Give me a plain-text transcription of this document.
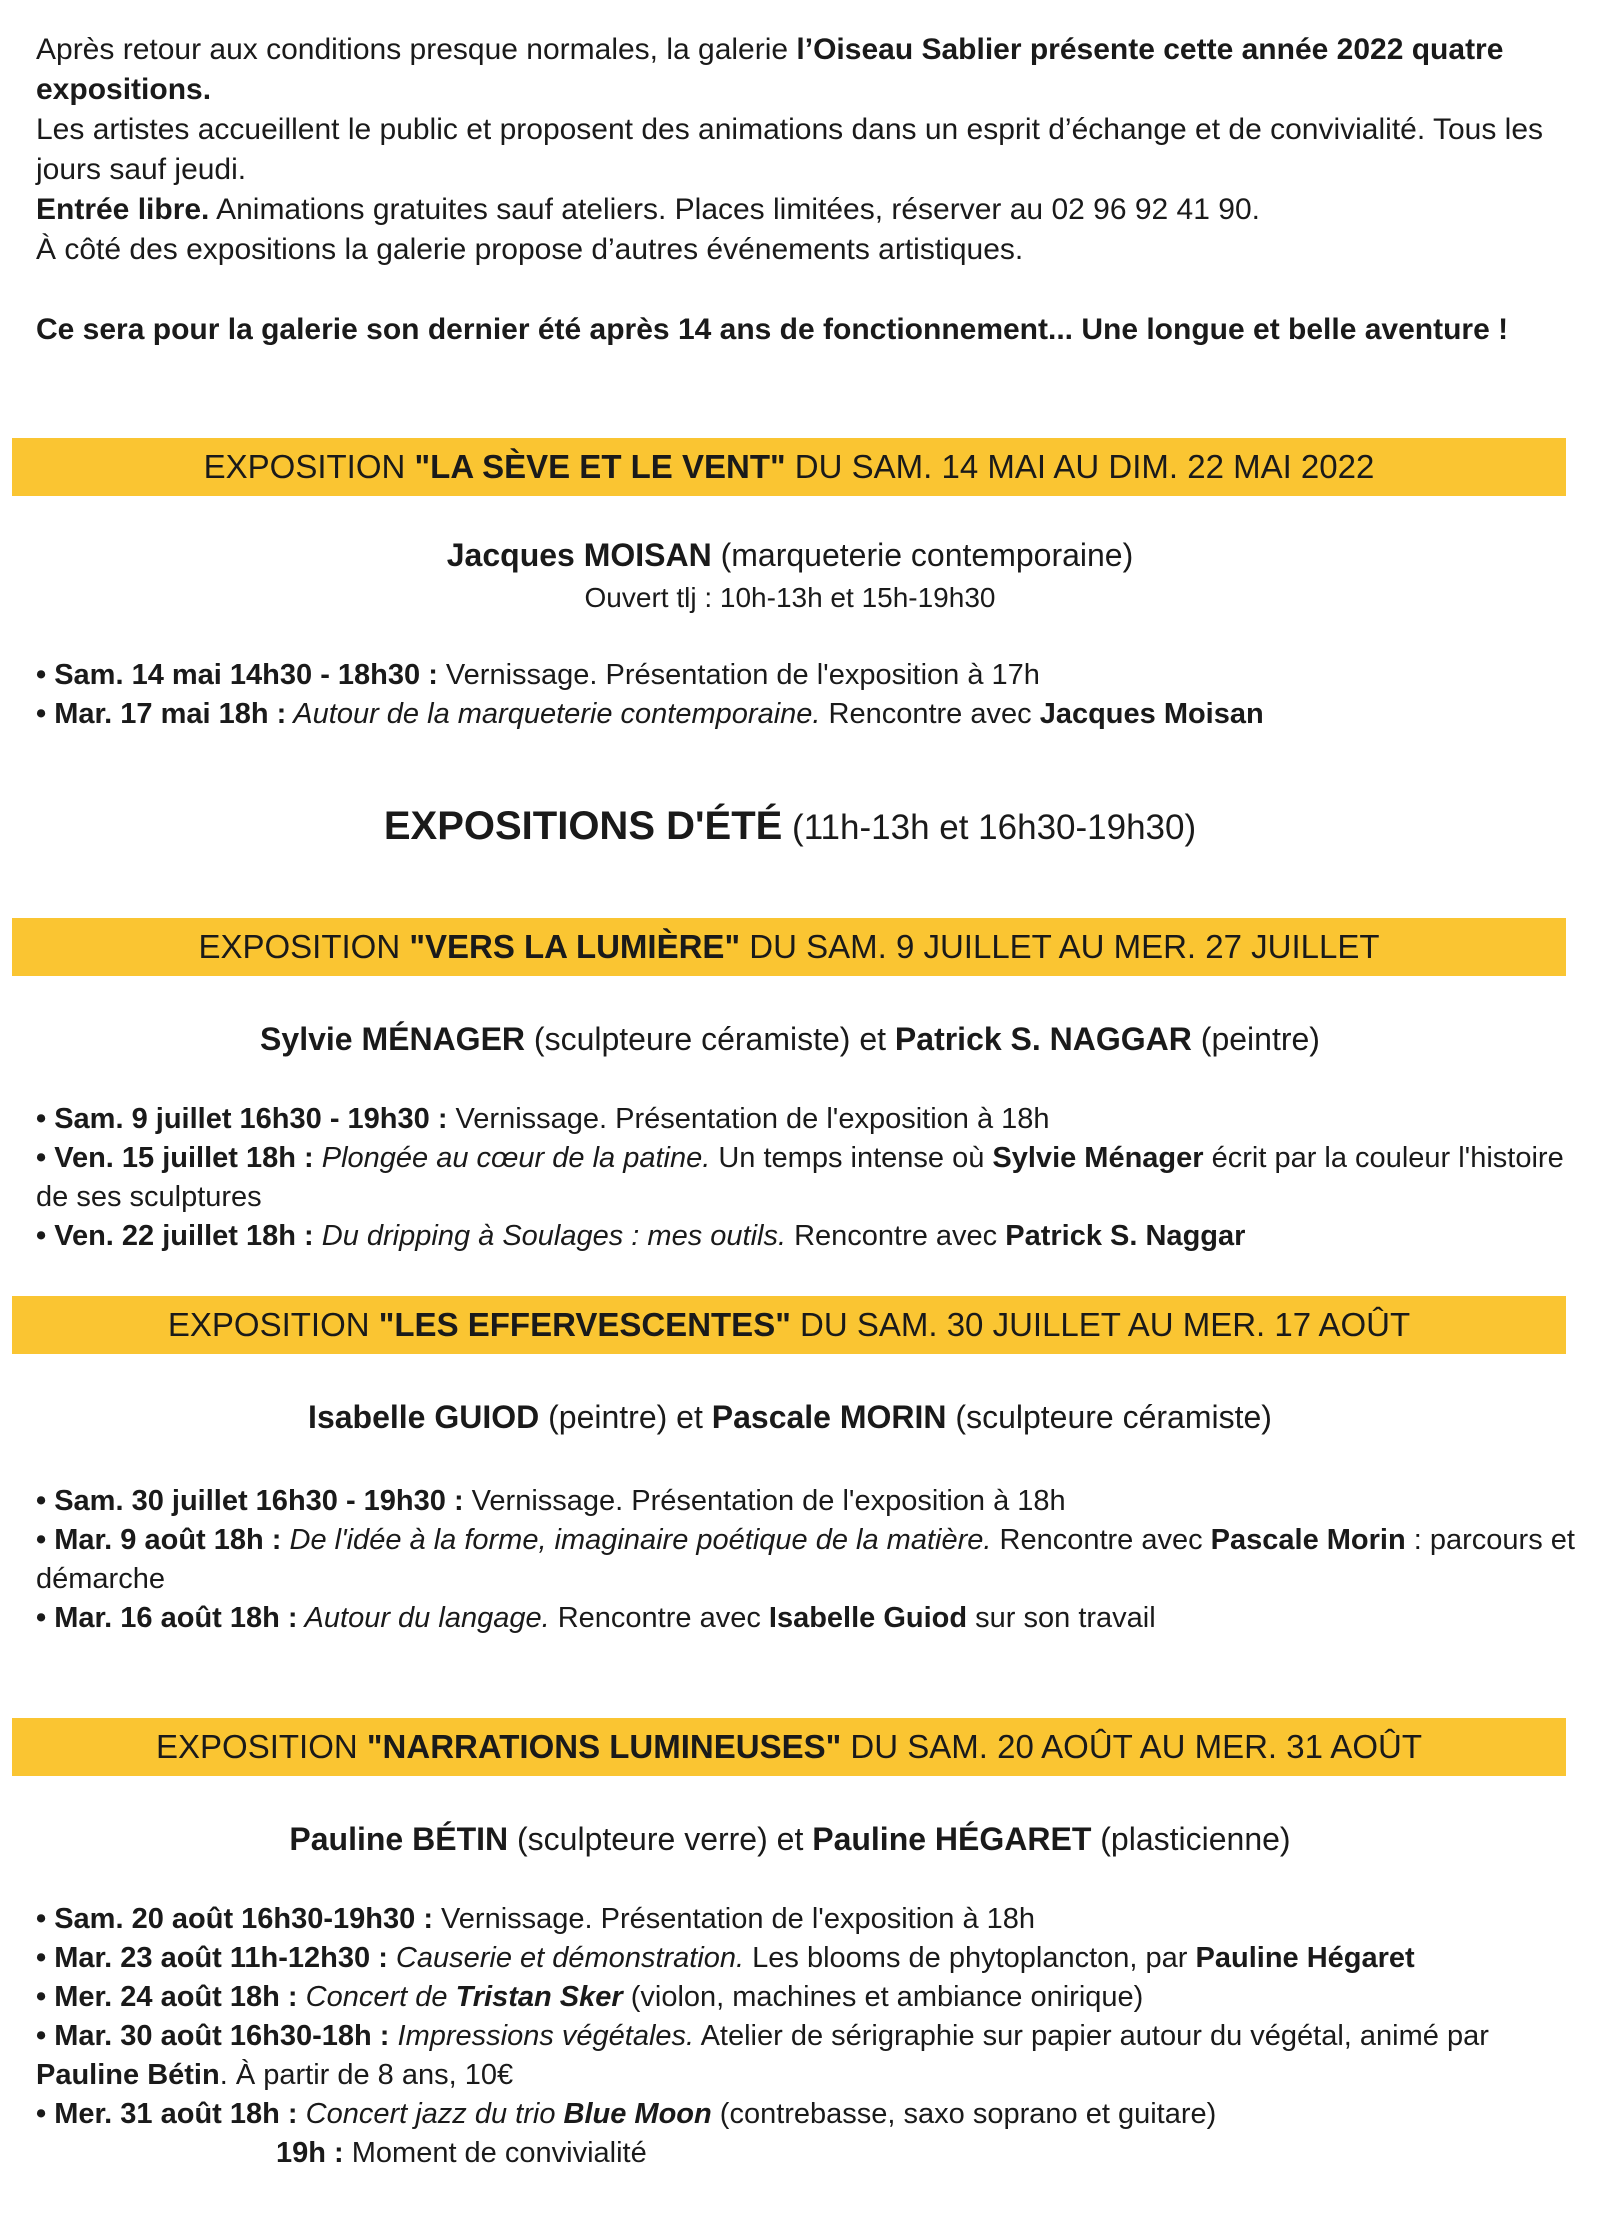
Après retour aux conditions presque normales, la galerie l’Oiseau Sablier présente cette année 2022 quatre expositions.

Les artistes accueillent le public et proposent des animations dans un esprit d’échange et de convivialité. Tous les jours sauf jeudi.

Entrée libre. Animations gratuites sauf ateliers. Places limitées, réserver au 02 96 92 41 90.

À côté des expositions la galerie propose d’autres événements artistiques.

Ce sera pour la galerie son dernier été après 14 ans de fonctionnement... Une longue et belle aventure !

EXPOSITION "LA SÈVE ET LE VENT" DU SAM. 14 MAI AU DIM. 22 MAI 2022
Jacques MOISAN (marqueterie contemporaine)
Ouvert tlj : 10h-13h et 15h-19h30

• Sam. 14 mai 14h30 - 18h30 : Vernissage. Présentation de l'exposition à 17h

• Mar. 17 mai 18h : Autour de la marqueterie contemporaine. Rencontre avec Jacques Moisan

EXPOSITIONS D'ÉTÉ (11h-13h et 16h30-19h30)
EXPOSITION "VERS LA LUMIÈRE" DU SAM. 9 JUILLET AU MER. 27 JUILLET
Sylvie MÉNAGER (sculpteure céramiste) et Patrick S. NAGGAR (peintre)

• Sam. 9 juillet 16h30 - 19h30 : Vernissage. Présentation de l'exposition à 18h

• Ven. 15 juillet 18h : Plongée au cœur de la patine. Un temps intense où Sylvie Ménager écrit par la couleur l'histoire de ses sculptures

• Ven. 22 juillet 18h : Du dripping à Soulages : mes outils. Rencontre avec Patrick S. Naggar

EXPOSITION "LES EFFERVESCENTES" DU SAM. 30 JUILLET AU MER. 17 AOÛT
Isabelle GUIOD (peintre) et Pascale MORIN (sculpteure céramiste)

• Sam. 30 juillet 16h30 - 19h30 : Vernissage. Présentation de l'exposition à 18h

• Mar. 9 août 18h : De l'idée à la forme, imaginaire poétique de la matière. Rencontre avec Pascale Morin : parcours et démarche

• Mar. 16 août 18h : Autour du langage. Rencontre avec Isabelle Guiod sur son travail

EXPOSITION "NARRATIONS LUMINEUSES" DU SAM. 20 AOÛT AU MER. 31 AOÛT
Pauline BÉTIN (sculpteure verre) et Pauline HÉGARET (plasticienne)

• Sam. 20 août 16h30-19h30 : Vernissage. Présentation de l'exposition à 18h

• Mar. 23 août 11h-12h30 : Causerie et démonstration. Les blooms de phytoplancton, par Pauline Hégaret

• Mer. 24 août 18h : Concert de Tristan Sker (violon, machines et ambiance onirique)

• Mar. 30 août 16h30-18h : Impressions végétales. Atelier de sérigraphie sur papier autour du végétal, animé par Pauline Bétin. À partir de 8 ans, 10€

• Mer. 31 août 18h : Concert jazz du trio Blue Moon (contrebasse, saxo soprano et guitare)

19h : Moment de convivialité
